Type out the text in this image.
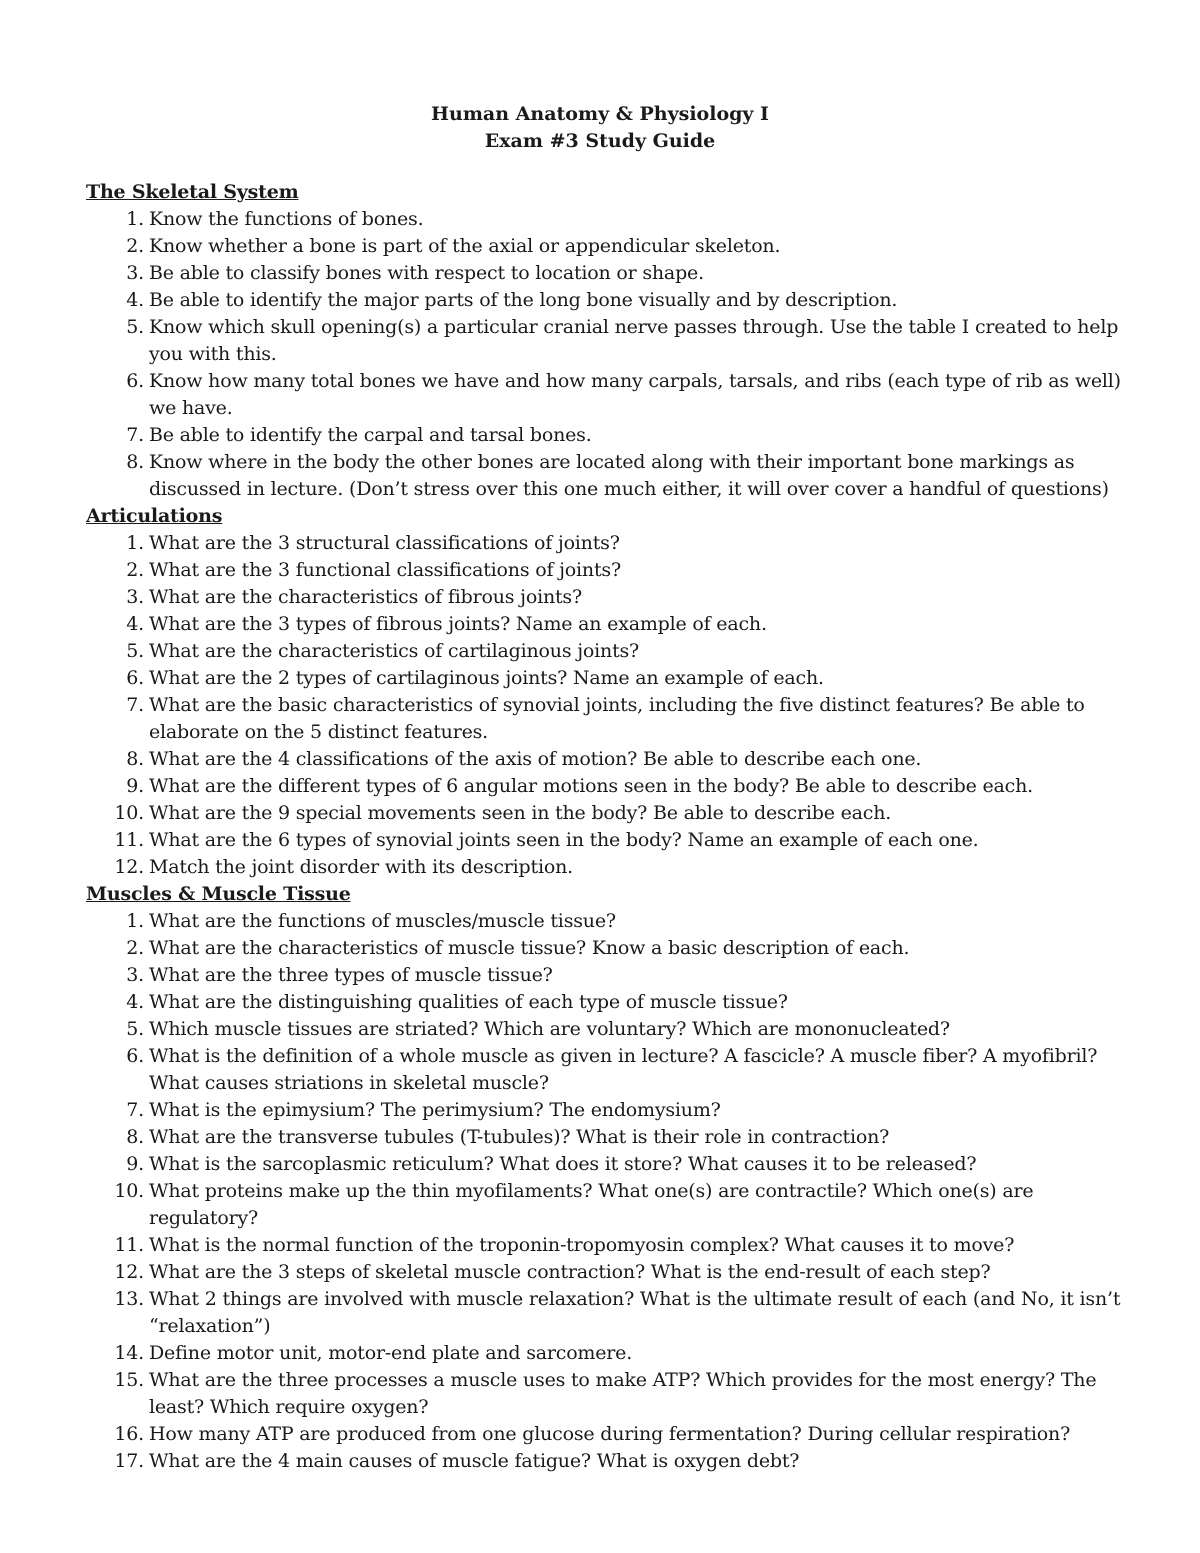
Human Anatomy & Physiology I
Exam #3 Study Guide
The Skeletal System
1. Know the functions of bones.
2. Know whether a bone is part of the axial or appendicular skeleton.
3. Be able to classify bones with respect to location or shape.
4. Be able to identify the major parts of the long bone visually and by description.
5. Know which skull opening(s) a particular cranial nerve passes through. Use the table I created to help you with this.
6. Know how many total bones we have and how many carpals, tarsals, and ribs (each type of rib as well) we have.
7. Be able to identify the carpal and tarsal bones.
8. Know where in the body the other bones are located along with their important bone markings as discussed in lecture. (Don’t stress over this one much either, it will over cover a handful of questions)
Articulations
1. What are the 3 structural classifications of joints?
2. What are the 3 functional classifications of joints?
3. What are the characteristics of fibrous joints?
4. What are the 3 types of fibrous joints? Name an example of each.
5. What are the characteristics of cartilaginous joints?
6. What are the 2 types of cartilaginous joints? Name an example of each.
7. What are the basic characteristics of synovial joints, including the five distinct features? Be able to elaborate on the 5 distinct features.
8. What are the 4 classifications of the axis of motion? Be able to describe each one.
9. What are the different types of 6 angular motions seen in the body? Be able to describe each.
10. What are the 9 special movements seen in the body? Be able to describe each.
11. What are the 6 types of synovial joints seen in the body? Name an example of each one.
12. Match the joint disorder with its description.
Muscles & Muscle Tissue
1. What are the functions of muscles/muscle tissue?
2. What are the characteristics of muscle tissue? Know a basic description of each.
3. What are the three types of muscle tissue?
4. What are the distinguishing qualities of each type of muscle tissue?
5. Which muscle tissues are striated? Which are voluntary? Which are mononucleated?
6. What is the definition of a whole muscle as given in lecture? A fascicle? A muscle fiber? A myofibril? What causes striations in skeletal muscle?
7. What is the epimysium? The perimysium? The endomysium?
8. What are the transverse tubules (T-tubules)? What is their role in contraction?
9. What is the sarcoplasmic reticulum? What does it store? What causes it to be released?
10. What proteins make up the thin myofilaments? What one(s) are contractile? Which one(s) are regulatory?
11. What is the normal function of the troponin-tropomyosin complex? What causes it to move?
12. What are the 3 steps of skeletal muscle contraction? What is the end-result of each step?
13. What 2 things are involved with muscle relaxation? What is the ultimate result of each (and No, it isn’t “relaxation”)
14. Define motor unit, motor-end plate and sarcomere.
15. What are the three processes a muscle uses to make ATP? Which provides for the most energy? The least? Which require oxygen?
16. How many ATP are produced from one glucose during fermentation? During cellular respiration?
17. What are the 4 main causes of muscle fatigue? What is oxygen debt?
